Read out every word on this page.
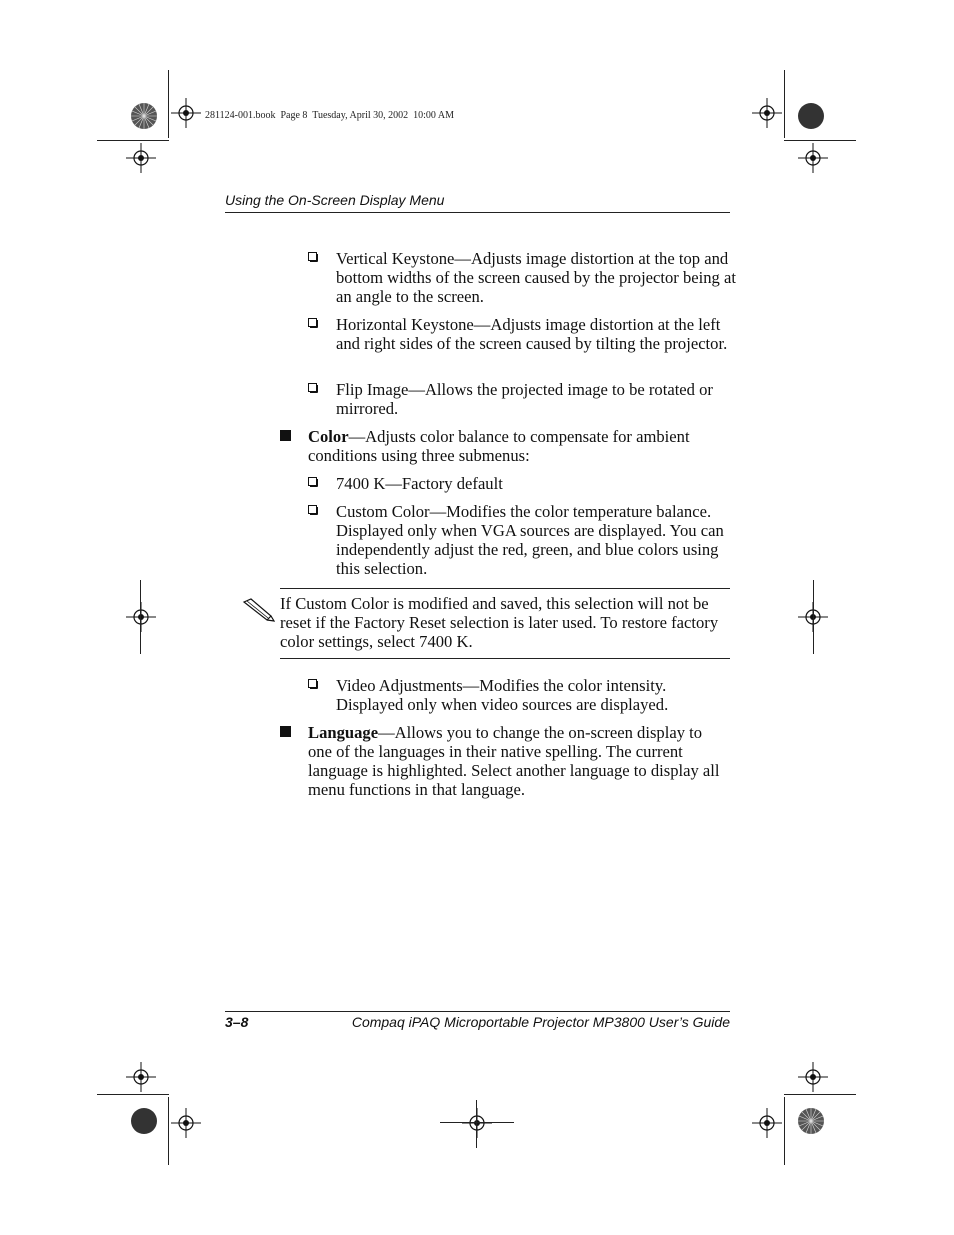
281124-001.book  Page 8  Tuesday, April 30, 2002  10:00 AM
Using the On-Screen Display Menu
Vertical Keystone—Adjusts image distortion at the top and bottom widths of the screen caused by the projector being at an angle to the screen.
Horizontal Keystone—Adjusts image distortion at the left and right sides of the screen caused by tilting the projector.
Flip Image—Allows the projected image to be rotated or mirrored.
Color—Adjusts color balance to compensate for ambient conditions using three submenus:
7400 K—Factory default
Custom Color—Modifies the color temperature balance. Displayed only when VGA sources are displayed. You can independently adjust the red, green, and blue colors using this selection.
If Custom Color is modified and saved, this selection will not be reset if the Factory Reset selection is later used. To restore factory color settings, select 7400 K.
Video Adjustments—Modifies the color intensity. Displayed only when video sources are displayed.
Language—Allows you to change the on-screen display to one of the languages in their native spelling. The current language is highlighted. Select another language to display all menu functions in that language.
3–8	Compaq iPAQ Microportable Projector MP3800 User’s Guide
